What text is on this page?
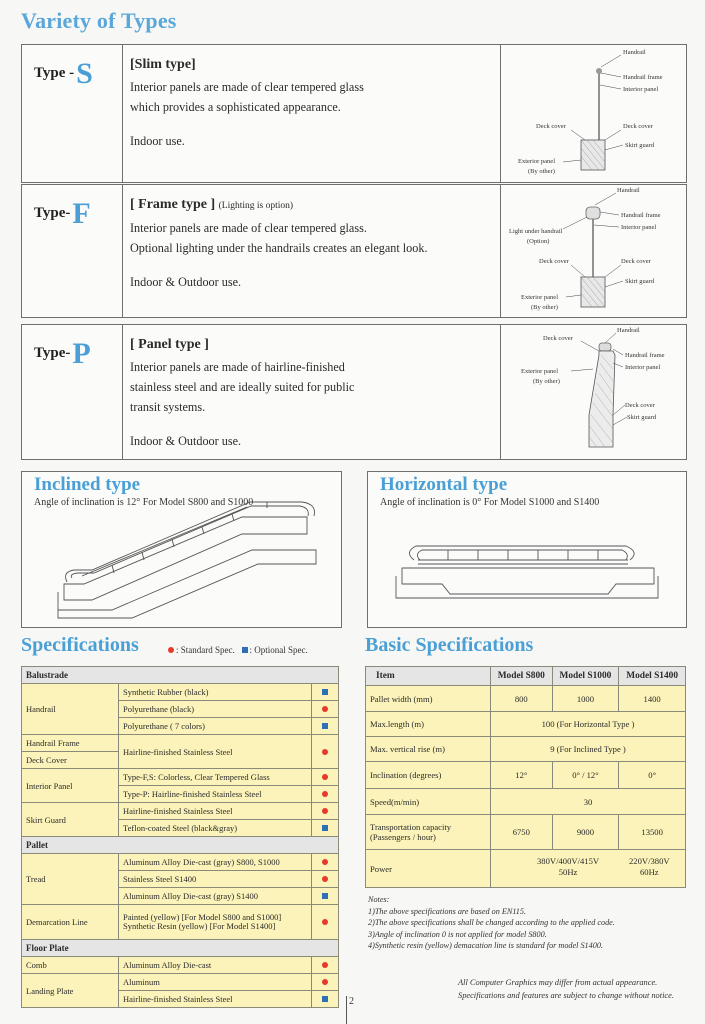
Variety of Types
Type -S	[Slim type]
Interior panels are made of clear tempered glass
which provides a sophisticated appearance.
Indoor use.
Handrail
Handrail frame
Interior panel
Deck cover	Deck cover
Skirt guard
Exterior panel
(By other)
Type-F	[ Frame type ] (Lighting is option)
Interior panels are made of clear tempered glass.
Optional lighting under the handrails creates an elegant look.
Indoor & Outdoor use.
Handrail
Handrail frame
Interior panel
Light under handrail
(Option)
Deck cover	Deck cover
Skirt guard
Exterior panel
(By other)
Type-P	[ Panel type ]
Interior panels are made of hairline-finished
stainless steel and are ideally suited for public
transit systems.
Indoor & Outdoor use.
Handrail
Handrail frame
Interior panel
Deck cover
Exterior panel
(By other)
Deck cover
Skirt guard
Inclined type
Angle of inclination is 12° For Model S800 and S1000
Horizontal type
Angle of inclination is 0° For Model S1000 and S1400
Specifications	: Standard Spec. : Optional Spec.
Balustrade		
Handrail	Synthetic Rubber (black)	
	Polyurethane (black)	
	Polyurethane ( 7 colors)	
Handrail Frame	Hairline-finished Stainless Steel	
Deck Cover		
Interior Panel	Type-F,S: Colorless, Clear Tempered Glass	
	Type-P: Hairline-finished Stainless Steel	
Skirt Guard	Hairline-finished Stainless Steel	
	Teflon-coated Steel (black&gray)	
Pallet		
Tread	Aluminum Alloy Die-cast (gray) S800, S1000	
	Stainless Steel S1400	
	Aluminum Alloy Die-cast (gray) S1400	
Demarcation Line	Painted (yellow) [For Model S800 and S1000]
Synthetic Resin (yellow) [For Model S1400]	

Floor Plate		
Comb	Aluminum Alloy Die-cast	
Landing Plate	Aluminum	
	Hairline-finished Stainless Steel	
Basic Specifications
Item	Model S800	Model S1000	Model S1400
Pallet width (mm)	800	1000	1400
Max.length (m)	100 (For Horizontal Type )		
Max. vertical rise (m)	9 (For Inclined Type )		
Inclination (degrees)	12°	0° / 12°	0°
Speed(m/min)	30		

Transportation capacity
(Passengers / hour)	6750	9000	13500
Power	380V/400V/415V
50Hz
220V/380V
60Hz		
Notes:
1)The above specifications are based on EN115.
2)The above specifications shall be changed according to the applied code.
3)Angle of inclination 0 is not applied for model S800.
4)Synthetic resin (yellow) demacation line is standard for model S1400.
All Computer Graphics may differ from actual appearance.
Specifications and features are subject to change without notice.
2
